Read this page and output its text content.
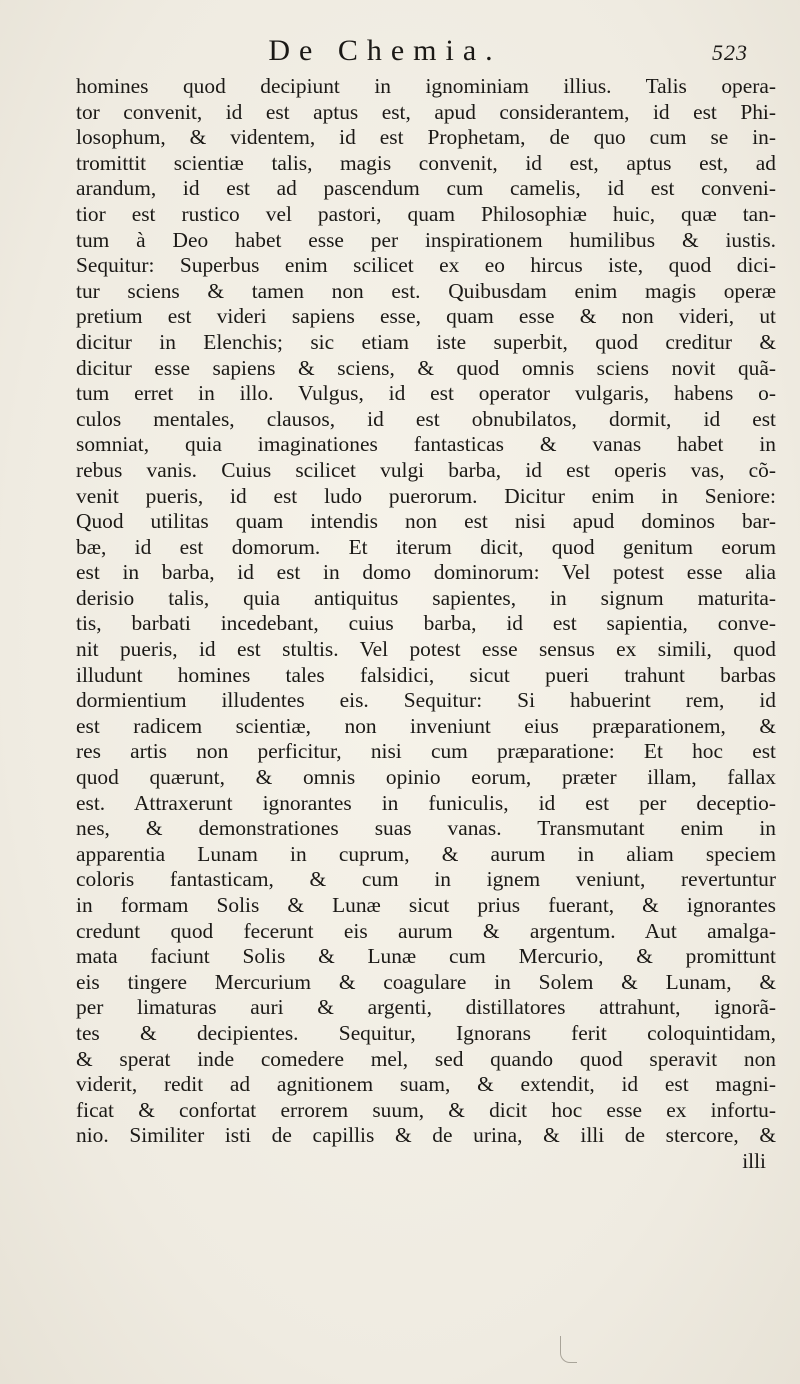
De Chemia.	523
homines quod decipiunt in ignominiam illius. Talis opera-
tor convenit, id est aptus est, apud considerantem, id est Phi-
losophum, & videntem, id est Prophetam, de quo cum se in-
tromittit scientiæ talis, magis convenit, id est, aptus est, ad
arandum, id est ad pascendum cum camelis, id est conveni-
tior est rustico vel pastori, quam Philosophiæ huic, quæ tan-
tum à Deo habet esse per inspirationem humilibus & iustis.
Sequitur: Superbus enim scilicet ex eo hircus iste, quod dici-
tur sciens & tamen non est. Quibusdam enim magis operæ
pretium est videri sapiens esse, quam esse & non videri, ut
dicitur in Elenchis; sic etiam iste superbit, quod creditur &
dicitur esse sapiens & sciens, & quod omnis sciens novit quã-
tum erret in illo. Vulgus, id est operator vulgaris, habens o-
culos mentales, clausos, id est obnubilatos, dormit, id est
somniat, quia imaginationes fantasticas & vanas habet in
rebus vanis. Cuius scilicet vulgi barba, id est operis vas, cõ-
venit pueris, id est ludo puerorum. Dicitur enim in Seniore:
Quod utilitas quam intendis non est nisi apud dominos bar-
bæ, id est domorum. Et iterum dicit, quod genitum eorum
est in barba, id est in domo dominorum: Vel potest esse alia
derisio talis, quia antiquitus sapientes, in signum maturita-
tis, barbati incedebant, cuius barba, id est sapientia, conve-
nit pueris, id est stultis. Vel potest esse sensus ex simili, quod
illudunt homines tales falsidici, sicut pueri trahunt barbas
dormientium illudentes eis. Sequitur: Si habuerint rem, id
est radicem scientiæ, non inveniunt eius præparationem, &
res artis non perficitur, nisi cum præparatione: Et hoc est
quod quærunt, & omnis opinio eorum, præter illam, fallax
est. Attraxerunt ignorantes in funiculis, id est per deceptio-
nes, & demonstrationes suas vanas. Transmutant enim in
apparentia Lunam in cuprum, & aurum in aliam speciem
coloris fantasticam, & cum in ignem veniunt, revertuntur
in formam Solis & Lunæ sicut prius fuerant, & ignorantes
credunt quod fecerunt eis aurum & argentum. Aut amalga-
mata faciunt Solis & Lunæ cum Mercurio, & promittunt
eis tingere Mercurium & coagulare in Solem & Lunam, &
per limaturas auri & argenti, distillatores attrahunt, ignorã-
tes & decipientes. Sequitur, Ignorans ferit coloquintidam,
& sperat inde comedere mel, sed quando quod speravit non
viderit, redit ad agnitionem suam, & extendit, id est magni-
ficat & confortat errorem suum, & dicit hoc esse ex infortu-
nio. Similiter isti de capillis & de urina, & illi de stercore, &
illi
